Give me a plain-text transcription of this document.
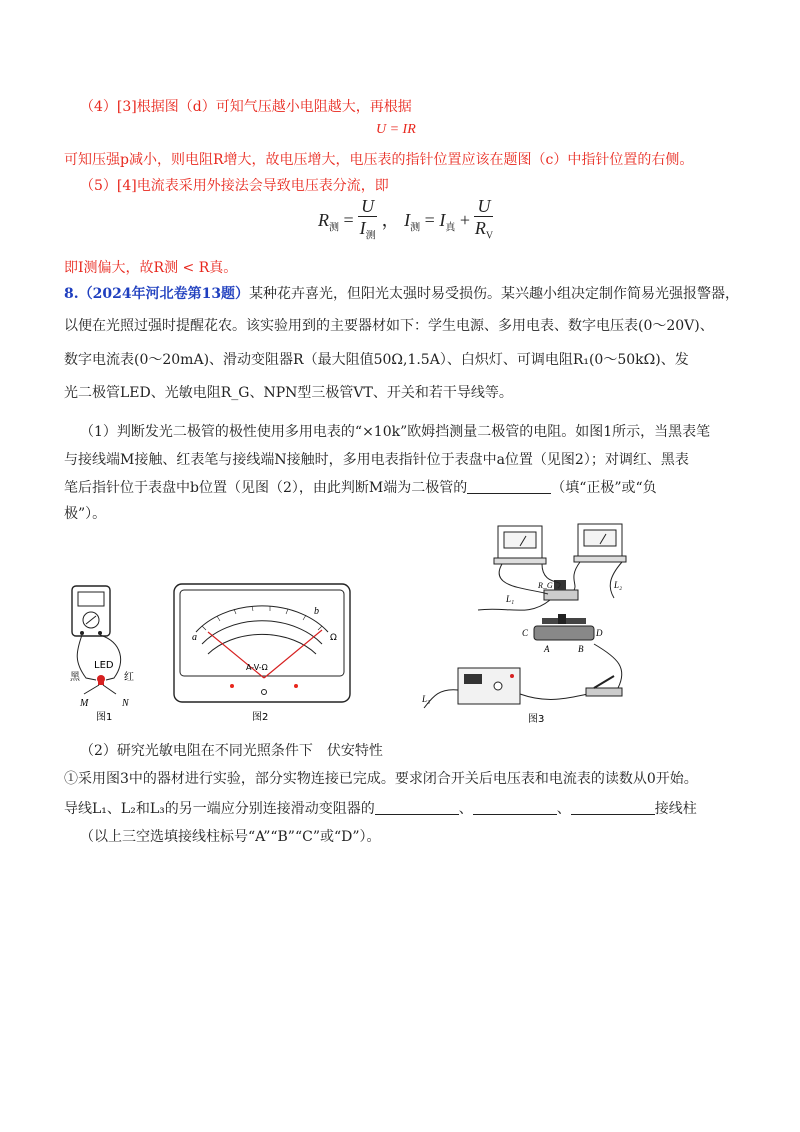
（4）[3]根据图（d）可知气压越小电阻越大，再根据
U = IR
可知压强p减小，则电阻R增大，故电压增大，电压表的指针位置应该在题图（c）中指针位置的右侧。
（5）[4]电流表采用外接法会导致电压表分流，即
$R_测 = \frac{U}{I_测}$ ， $I_测 = I_真 + \frac{U}{R_V}$
即I测偏大，故R测 < R真。
8.（2024年河北卷第13题）某种花卉喜光，但阳光太强时易受损伤。某兴趣小组决定制作简易光强报警器，
以便在光照过强时提醒花农。该实验用到的主要器材如下：学生电源、多用电表、数字电压表(0～20V)、
数字电流表(0～20mA)、滑动变阻器R（最大阻值50Ω,1.5A）、白炽灯、可调电阻R₁(0～50kΩ)、发
光二极管LED、光敏电阻R_G、NPN型三极管VT、开关和若干导线等。
（1）判断发光二极管的极性使用多用电表的“×10k”欧姆挡测量二极管的电阻。如图1所示，当黑表笔
与接线端M接触、红表笔与接线端N接触时，多用电表指针位于表盘中a位置（见图2）；对调红、黑表
笔后指针位于表盘中b位置（见图（2），由此判断M端为二极管的	（填“正极”或“负
极”）。
LED
黑	红
M	N
图1
a
b
Ω
A-V-Ω
图2
R_G
L₁
L₂
C	D
A	B
L₃
图3
（2）研究光敏电阻在不同光照条件下　伏安特性
①采用图3中的器材进行实验，部分实物连接已完成。要求闭合开关后电压表和电流表的读数从0开始。
导线L₁、L₂和L₃的另一端应分别连接滑动变阻器的	、	、	接线柱
（以上三空选填接线柱标号“A”“B”“C”或“D”）。
